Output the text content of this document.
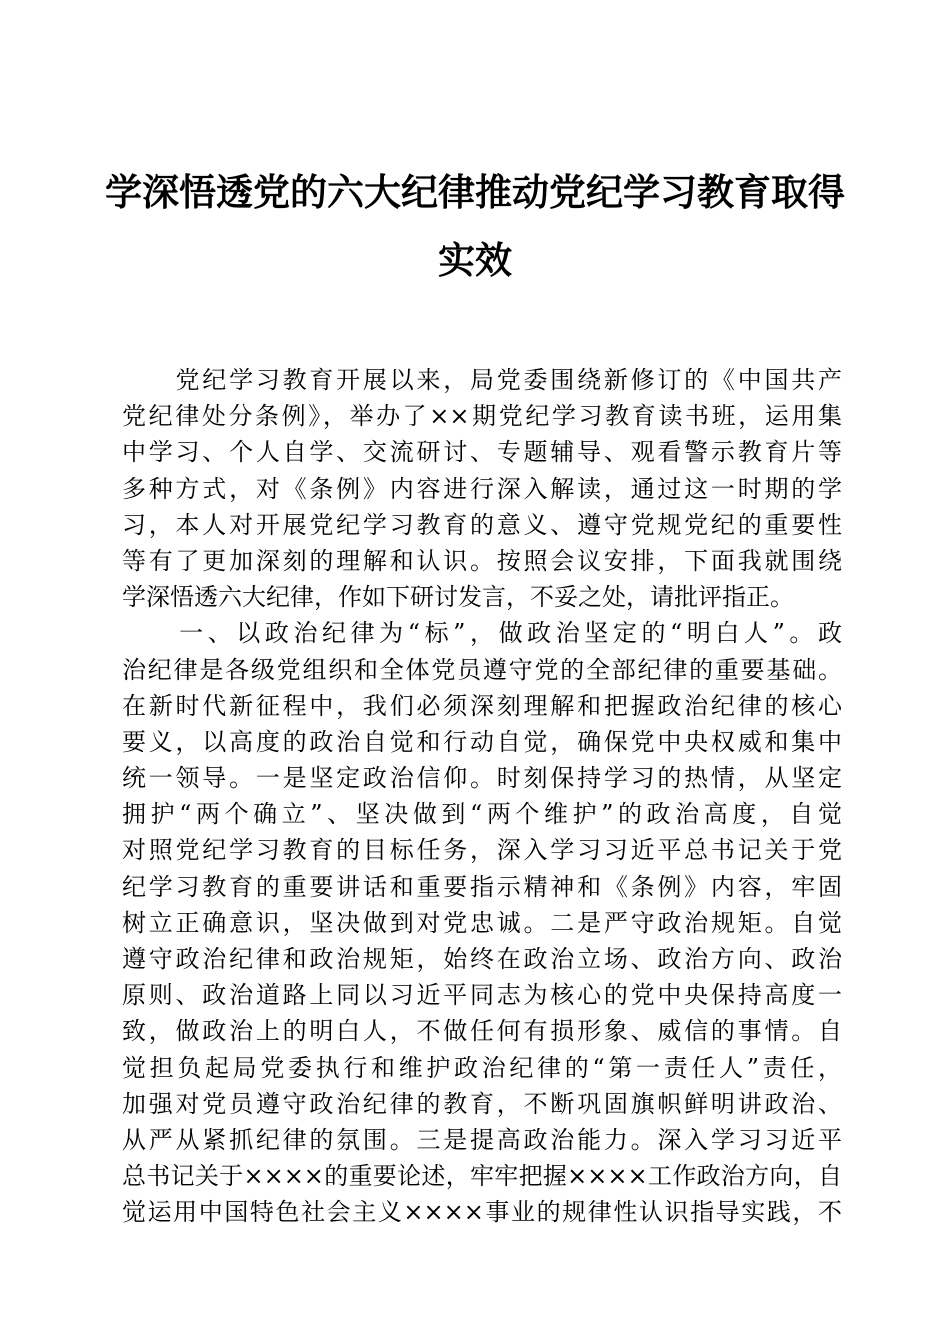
学深悟透党的六大纪律推动党纪学习教育取得
实效
　　党纪学习教育开展以来，局党委围绕新修订的《中国共产
党纪律处分条例》，举办了××期党纪学习教育读书班，运用集
中学习、个人自学、交流研讨、专题辅导、观看警示教育片等
多种方式，对《条例》内容进行深入解读，通过这一时期的学
习，本人对开展党纪学习教育的意义、遵守党规党纪的重要性
等有了更加深刻的理解和认识。按照会议安排，下面我就围绕
学深悟透六大纪律，作如下研讨发言，不妥之处，请批评指正。
　　一、以政治纪律为“标”，做政治坚定的“明白人”。政
治纪律是各级党组织和全体党员遵守党的全部纪律的重要基础。
在新时代新征程中，我们必须深刻理解和把握政治纪律的核心
要义，以高度的政治自觉和行动自觉，确保党中央权威和集中
统一领导。一是坚定政治信仰。时刻保持学习的热情，从坚定
拥护“两个确立”、坚决做到“两个维护”的政治高度，自觉
对照党纪学习教育的目标任务，深入学习习近平总书记关于党
纪学习教育的重要讲话和重要指示精神和《条例》内容，牢固
树立正确意识，坚决做到对党忠诚。二是严守政治规矩。自觉
遵守政治纪律和政治规矩，始终在政治立场、政治方向、政治
原则、政治道路上同以习近平同志为核心的党中央保持高度一
致，做政治上的明白人，不做任何有损形象、威信的事情。自
觉担负起局党委执行和维护政治纪律的“第一责任人”责任，
加强对党员遵守政治纪律的教育，不断巩固旗帜鲜明讲政治、
从严从紧抓纪律的氛围。三是提高政治能力。深入学习习近平
总书记关于××××的重要论述，牢牢把握××××工作政治方向，自
觉运用中国特色社会主义××××事业的规律性认识指导实践，不
